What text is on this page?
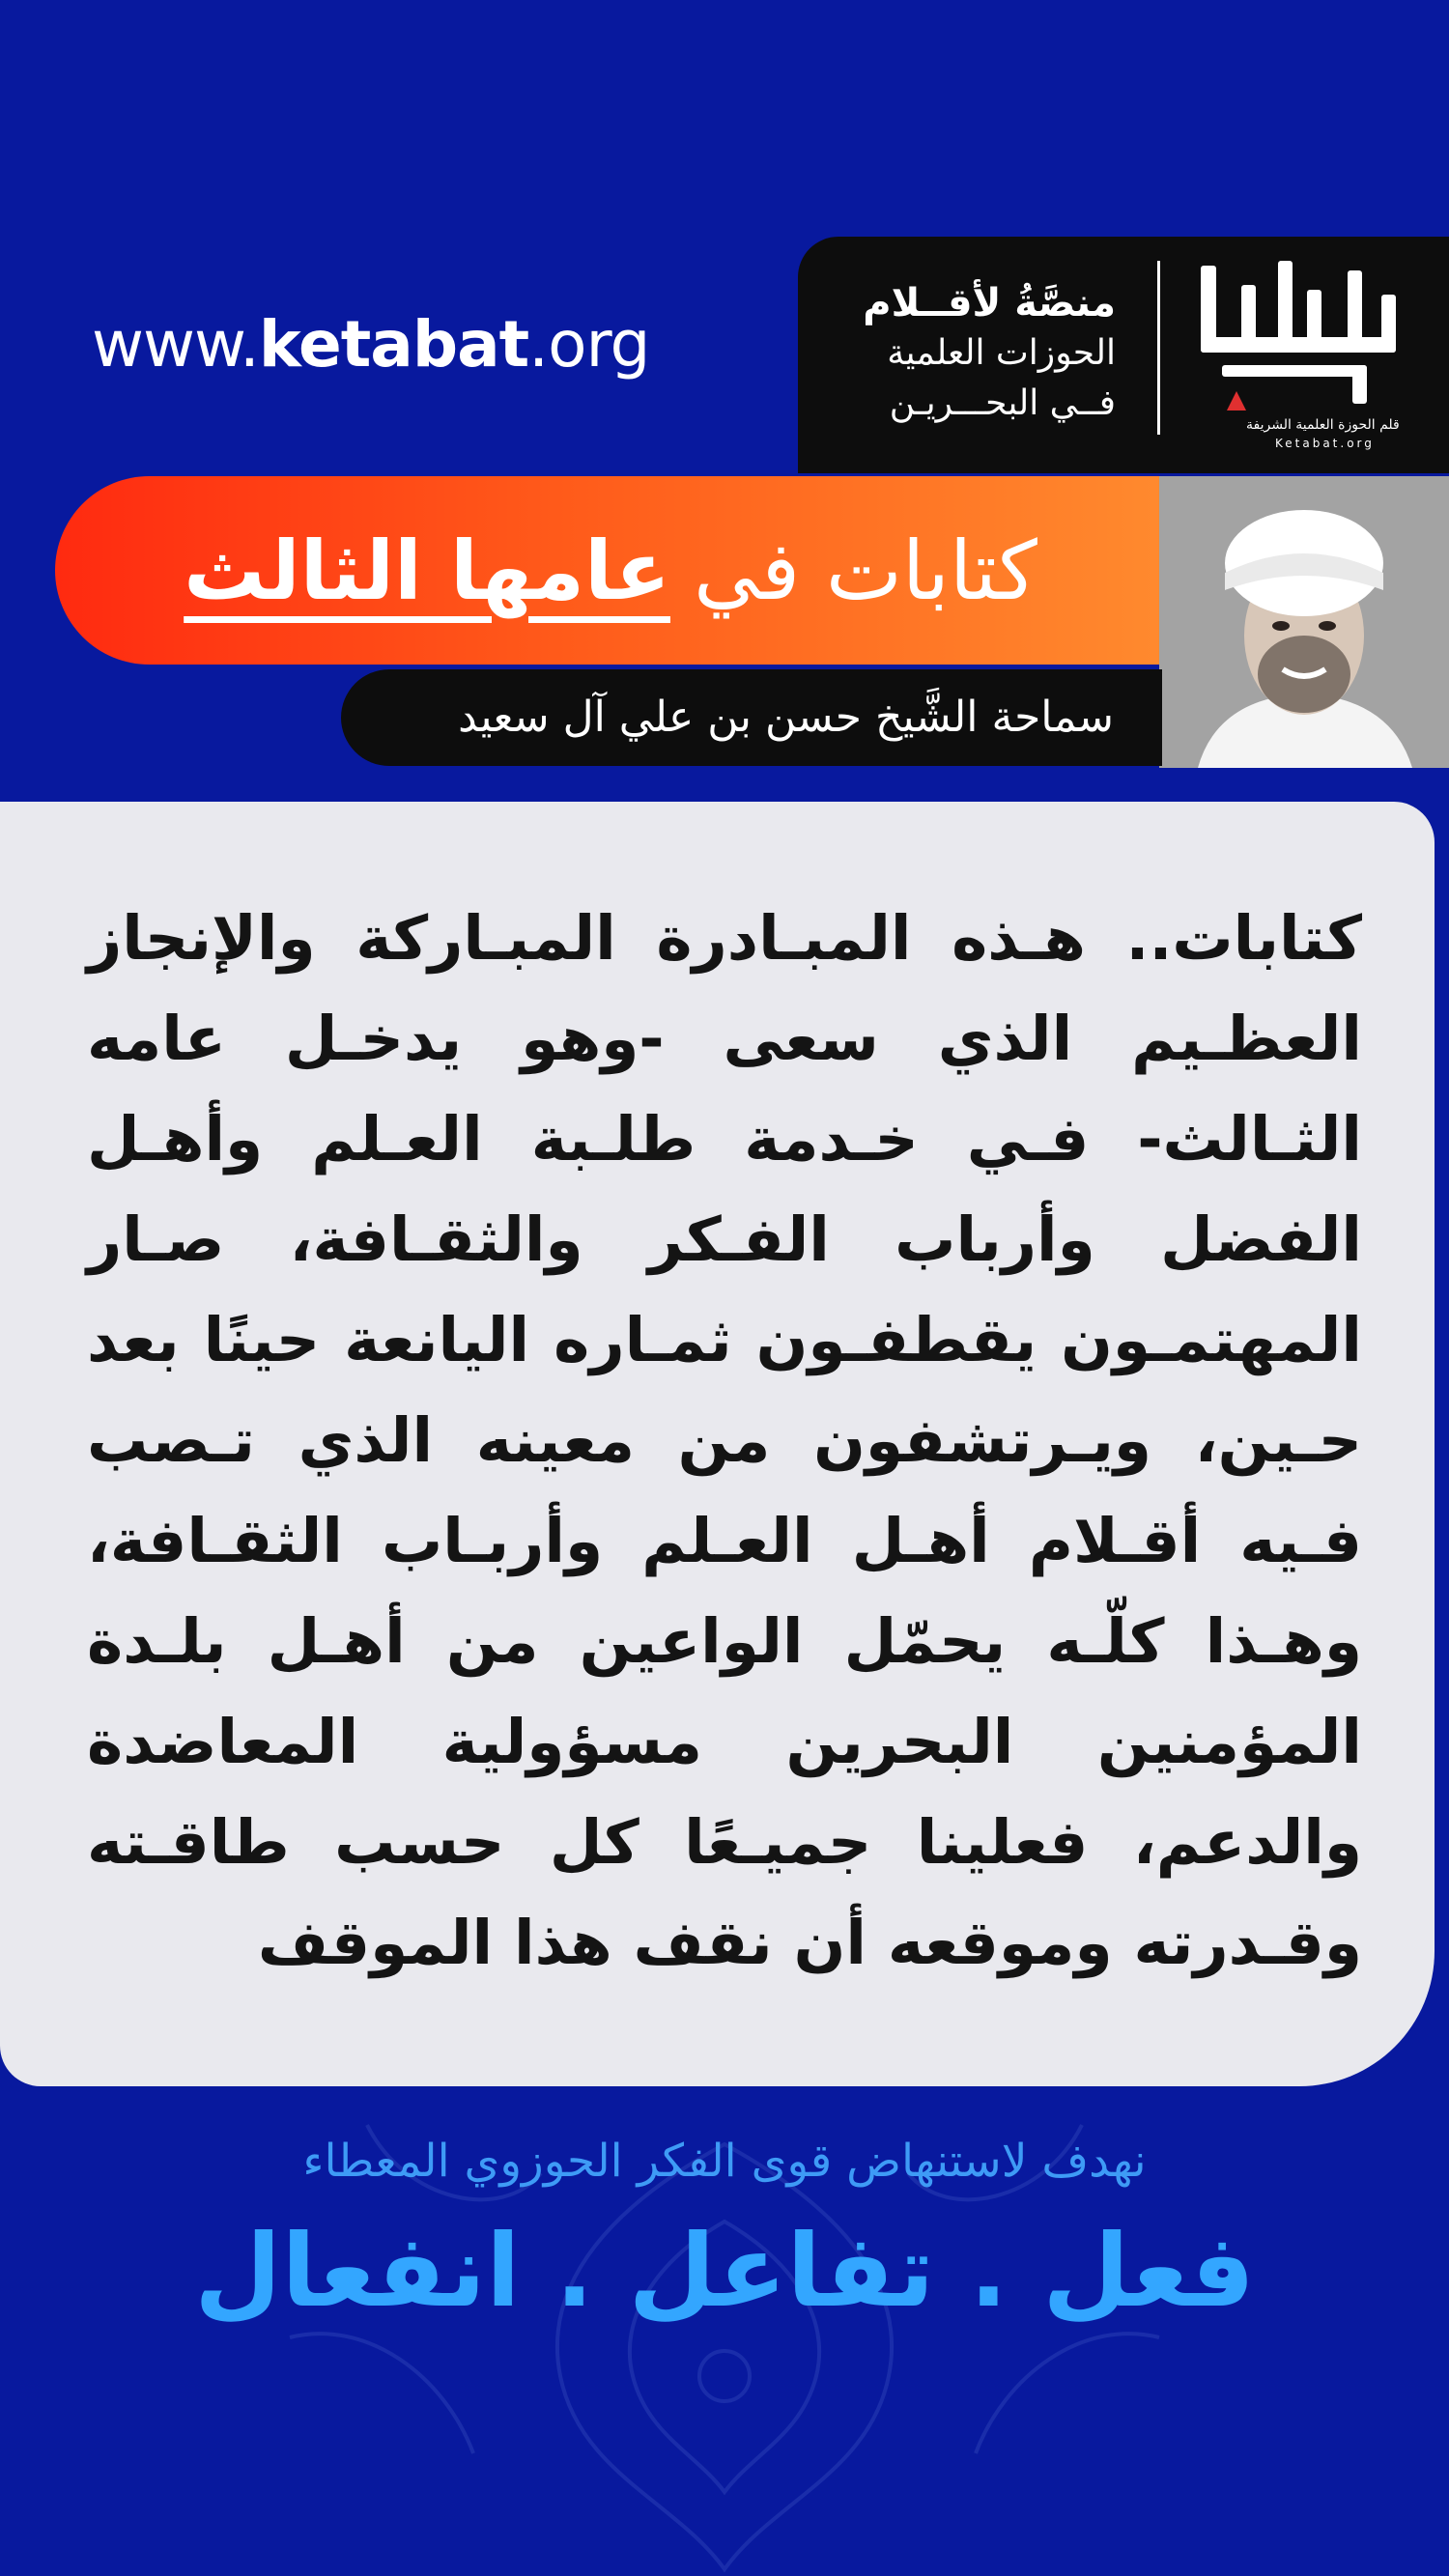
www.ketabat.org
منصَّةُ لأقــلام
الحوزات العلمية
فــي البحـــريـن
قلم الحوزة العلمية الشريفة
Ketabat.org
كتابات في
عامها الثالث
سماحة الشَّيخ حسن بن علي آل سعيد
كتابات.. هـذه المبـادرة المبـاركة والإنجاز العظـيم الذي سعى -وهو يدخـل عامه الثـالث- فـي خـدمة طلـبة العـلم وأهـل الفضل وأرباب الفـكر والثقـافة، صـار المهتمـون يقطفـون ثمـاره اليانعة حينًا بعد حـين، ويـرتشفون من معينه الذي تـصب فـيه أقـلام أهـل العـلم وأربـاب الثقـافة، وهـذا كلّـه يحمّل الواعين من أهـل بلـدة المؤمنين البحرين مسؤولية المعاضدة والدعم، فعلينا جميـعًا كل حسب طاقـته وقـدرته وموقعه أن نقف هذا الموقف
نهدف لاستنهاض قوى الفكر الحوزوي المعطاء
فعل . تفاعل . انفعال
